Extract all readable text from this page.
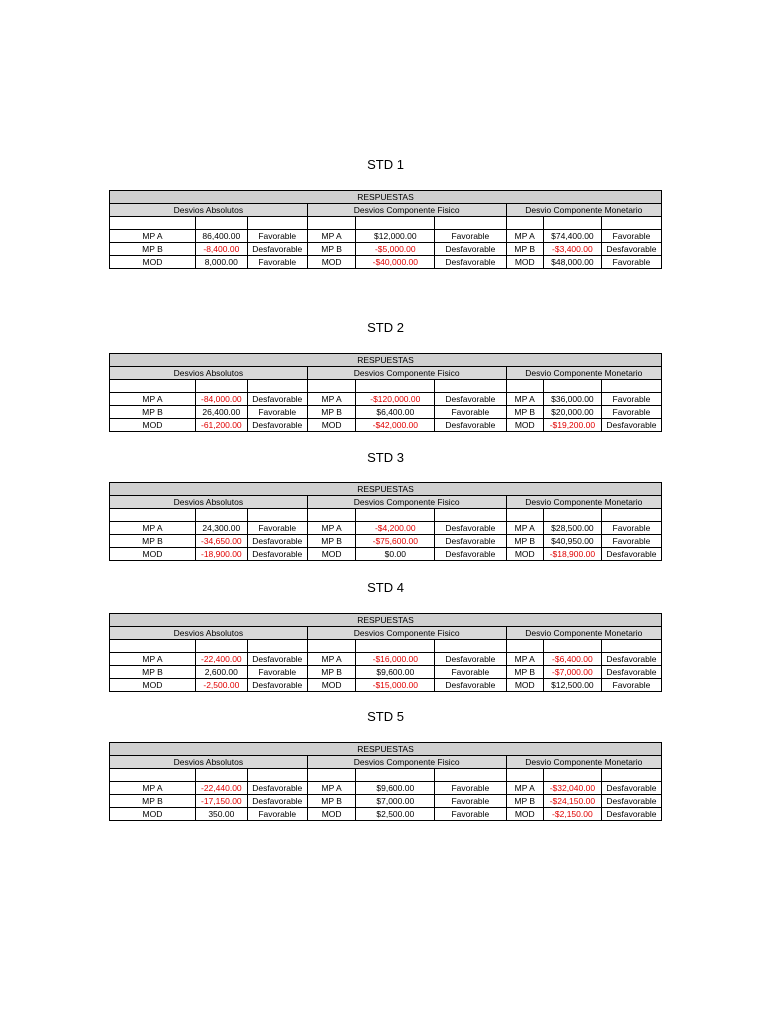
STD 1
RESPUESTAS								
Desvios Absolutos			Desvios Componente Fisico			Desvio Componente Monetario		

MP A	86,400.00	Favorable	MP A	$12,000.00	Favorable	MP A	$74,400.00	Favorable
MP B	-8,400.00	Desfavorable	MP B	-$5,000.00	Desfavorable	MP B	-$3,400.00	Desfavorable
MOD	8,000.00	Favorable	MOD	-$40,000.00	Desfavorable	MOD	$48,000.00	Favorable
STD 2
RESPUESTAS								
Desvios Absolutos			Desvios Componente Fisico			Desvio Componente Monetario		

MP A	-84,000.00	Desfavorable	MP A	-$120,000.00	Desfavorable	MP A	$36,000.00	Favorable
MP B	26,400.00	Favorable	MP B	$6,400.00	Favorable	MP B	$20,000.00	Favorable
MOD	-61,200.00	Desfavorable	MOD	-$42,000.00	Desfavorable	MOD	-$19,200.00	Desfavorable
STD 3
RESPUESTAS								
Desvios Absolutos			Desvios Componente Fisico			Desvio Componente Monetario		

MP A	24,300.00	Favorable	MP A	-$4,200.00	Desfavorable	MP A	$28,500.00	Favorable
MP B	-34,650.00	Desfavorable	MP B	-$75,600.00	Desfavorable	MP B	$40,950.00	Favorable
MOD	-18,900.00	Desfavorable	MOD	$0.00	Desfavorable	MOD	-$18,900.00	Desfavorable
STD 4
RESPUESTAS								
Desvios Absolutos			Desvios Componente Fisico			Desvio Componente Monetario		

MP A	-22,400.00	Desfavorable	MP A	-$16,000.00	Desfavorable	MP A	-$6,400.00	Desfavorable
MP B	2,600.00	Favorable	MP B	$9,600.00	Favorable	MP B	-$7,000.00	Desfavorable
MOD	-2,500.00	Desfavorable	MOD	-$15,000.00	Desfavorable	MOD	$12,500.00	Favorable
STD 5
RESPUESTAS								
Desvios Absolutos			Desvios Componente Fisico			Desvio Componente Monetario		

MP A	-22,440.00	Desfavorable	MP A	$9,600.00	Favorable	MP A	-$32,040.00	Desfavorable
MP B	-17,150.00	Desfavorable	MP B	$7,000.00	Favorable	MP B	-$24,150.00	Desfavorable
MOD	350.00	Favorable	MOD	$2,500.00	Favorable	MOD	-$2,150.00	Desfavorable
